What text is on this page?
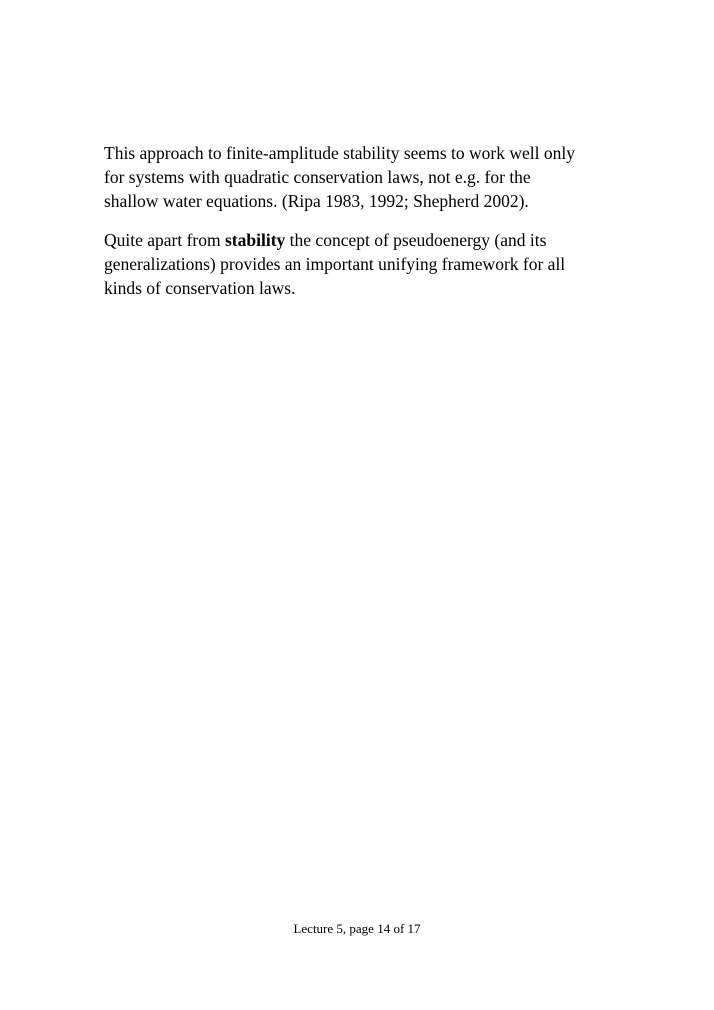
This approach to finite-amplitude stability seems to work well only
for systems with quadratic conservation laws, not e.g. for the
shallow water equations. (Ripa 1983, 1992; Shepherd 2002).

Quite apart from stability the concept of pseudoenergy (and its
generalizations) provides an important unifying framework for all
kinds of conservation laws.

Lecture 5, page 14 of 17
